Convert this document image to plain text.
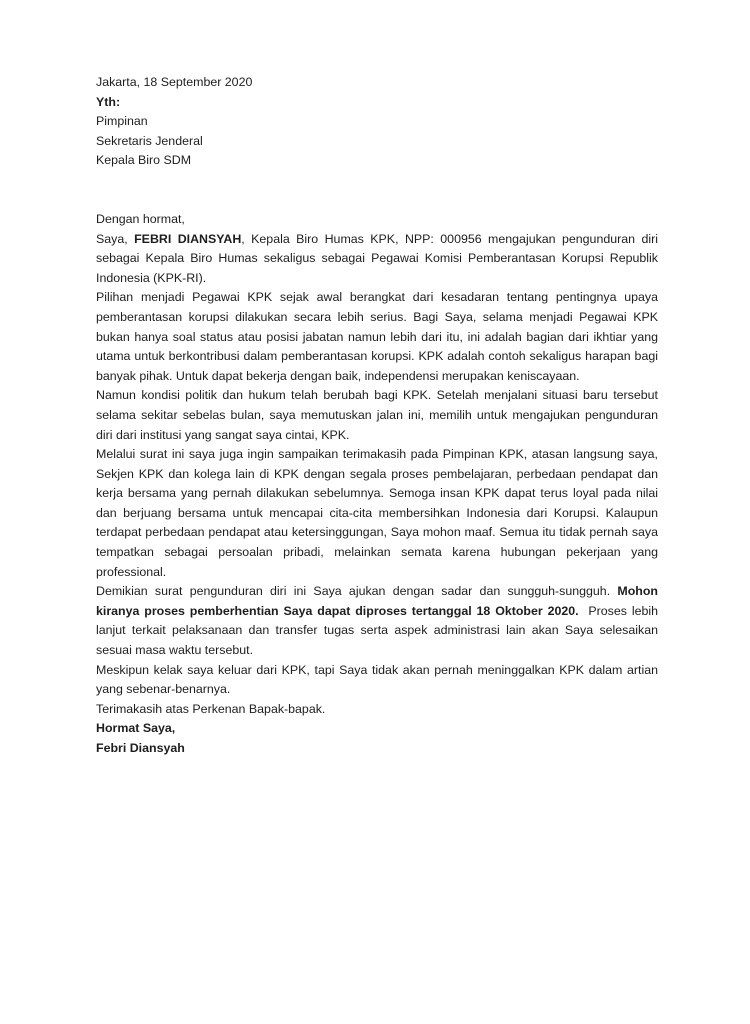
Jakarta, 18 September 2020

Yth:

Pimpinan

Sekretaris Jenderal

Kepala Biro SDM

Dengan hormat,

Saya, FEBRI DIANSYAH, Kepala Biro Humas KPK, NPP: 000956 mengajukan pengunduran diri sebagai Kepala Biro Humas sekaligus sebagai Pegawai Komisi Pemberantasan Korupsi Republik Indonesia (KPK-RI).

Pilihan menjadi Pegawai KPK sejak awal berangkat dari kesadaran tentang pentingnya upaya pemberantasan korupsi dilakukan secara lebih serius. Bagi Saya, selama menjadi Pegawai KPK bukan hanya soal status atau posisi jabatan namun lebih dari itu, ini adalah bagian dari ikhtiar yang utama untuk berkontribusi dalam pemberantasan korupsi. KPK adalah contoh sekaligus harapan bagi banyak pihak. Untuk dapat bekerja dengan baik, independensi merupakan keniscayaan.

Namun kondisi politik dan hukum telah berubah bagi KPK. Setelah menjalani situasi baru tersebut selama sekitar sebelas bulan, saya memutuskan jalan ini, memilih untuk mengajukan pengunduran diri dari institusi yang sangat saya cintai, KPK.

Melalui surat ini saya juga ingin sampaikan terimakasih pada Pimpinan KPK, atasan langsung saya, Sekjen KPK dan kolega lain di KPK dengan segala proses pembelajaran, perbedaan pendapat dan kerja bersama yang pernah dilakukan sebelumnya. Semoga insan KPK dapat terus loyal pada nilai dan berjuang bersama untuk mencapai cita-cita membersihkan Indonesia dari Korupsi. Kalaupun terdapat perbedaan pendapat atau ketersinggungan, Saya mohon maaf. Semua itu tidak pernah saya tempatkan sebagai persoalan pribadi, melainkan semata karena hubungan pekerjaan yang professional.

Demikian surat pengunduran diri ini Saya ajukan dengan sadar dan sungguh-sungguh. Mohon kiranya proses pemberhentian Saya dapat diproses tertanggal 18 Oktober 2020.  Proses lebih lanjut terkait pelaksanaan dan transfer tugas serta aspek administrasi lain akan Saya selesaikan sesuai masa waktu tersebut.

Meskipun kelak saya keluar dari KPK, tapi Saya tidak akan pernah meninggalkan KPK dalam artian yang sebenar-benarnya.

Terimakasih atas Perkenan Bapak-bapak.

Hormat Saya,

Febri Diansyah
